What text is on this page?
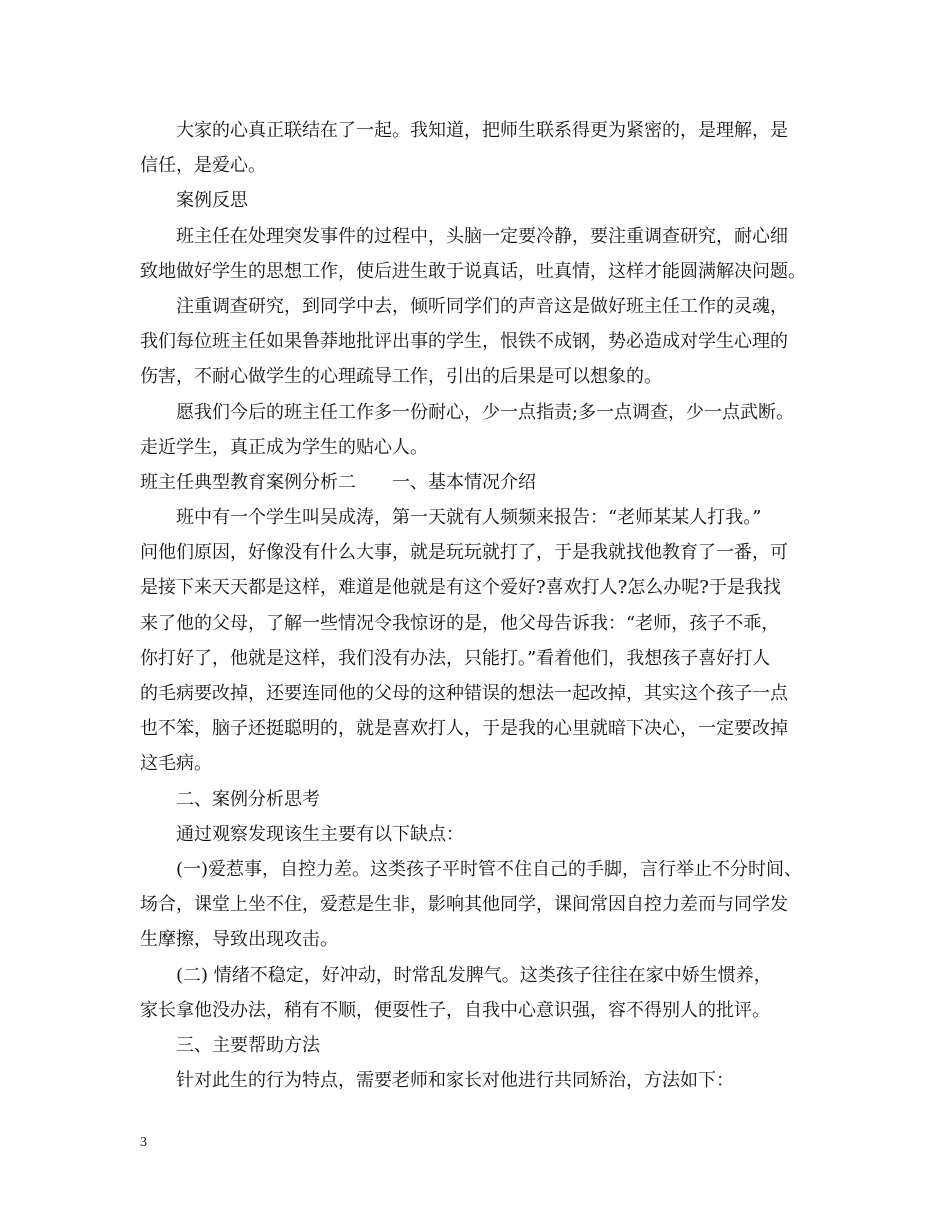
大家的心真正联结在了一起。我知道，把师生联系得更为紧密的，是理解，是
信任，是爱心。
案例反思
班主任在处理突发事件的过程中，头脑一定要冷静，要注重调查研究，耐心细
致地做好学生的思想工作，使后进生敢于说真话，吐真情，这样才能圆满解决问题。
注重调查研究，到同学中去，倾听同学们的声音这是做好班主任工作的灵魂，
我们每位班主任如果鲁莽地批评出事的学生，恨铁不成钢，势必造成对学生心理的
伤害，不耐心做学生的心理疏导工作，引出的后果是可以想象的。
愿我们今后的班主任工作多一份耐心，少一点指责;多一点调查，少一点武断。
走近学生，真正成为学生的贴心人。
班主任典型教育案例分析二 一、基本情况介绍
班中有一个学生叫吴成涛，第一天就有人频频来报告：“老师某某人打我。”
问他们原因，好像没有什么大事，就是玩玩就打了，于是我就找他教育了一番，可
是接下来天天都是这样，难道是他就是有这个爱好?喜欢打人?怎么办呢?于是我找
来了他的父母，了解一些情况令我惊讶的是，他父母告诉我：“老师，孩子不乖，
你打好了，他就是这样，我们没有办法，只能打。”看着他们，我想孩子喜好打人
的毛病要改掉，还要连同他的父母的这种错误的想法一起改掉，其实这个孩子一点
也不笨，脑子还挺聪明的，就是喜欢打人，于是我的心里就暗下决心，一定要改掉
这毛病。
二、案例分析思考
通过观察发现该生主要有以下缺点：
(一)爱惹事，自控力差。这类孩子平时管不住自己的手脚，言行举止不分时间、
场合，课堂上坐不住，爱惹是生非，影响其他同学，课间常因自控力差而与同学发
生摩擦，导致出现攻击。
(二) 情绪不稳定，好冲动，时常乱发脾气。这类孩子往往在家中娇生惯养，
家长拿他没办法，稍有不顺，便耍性子，自我中心意识强，容不得别人的批评。
三、主要帮助方法
针对此生的行为特点，需要老师和家长对他进行共同矫治，方法如下：
3
